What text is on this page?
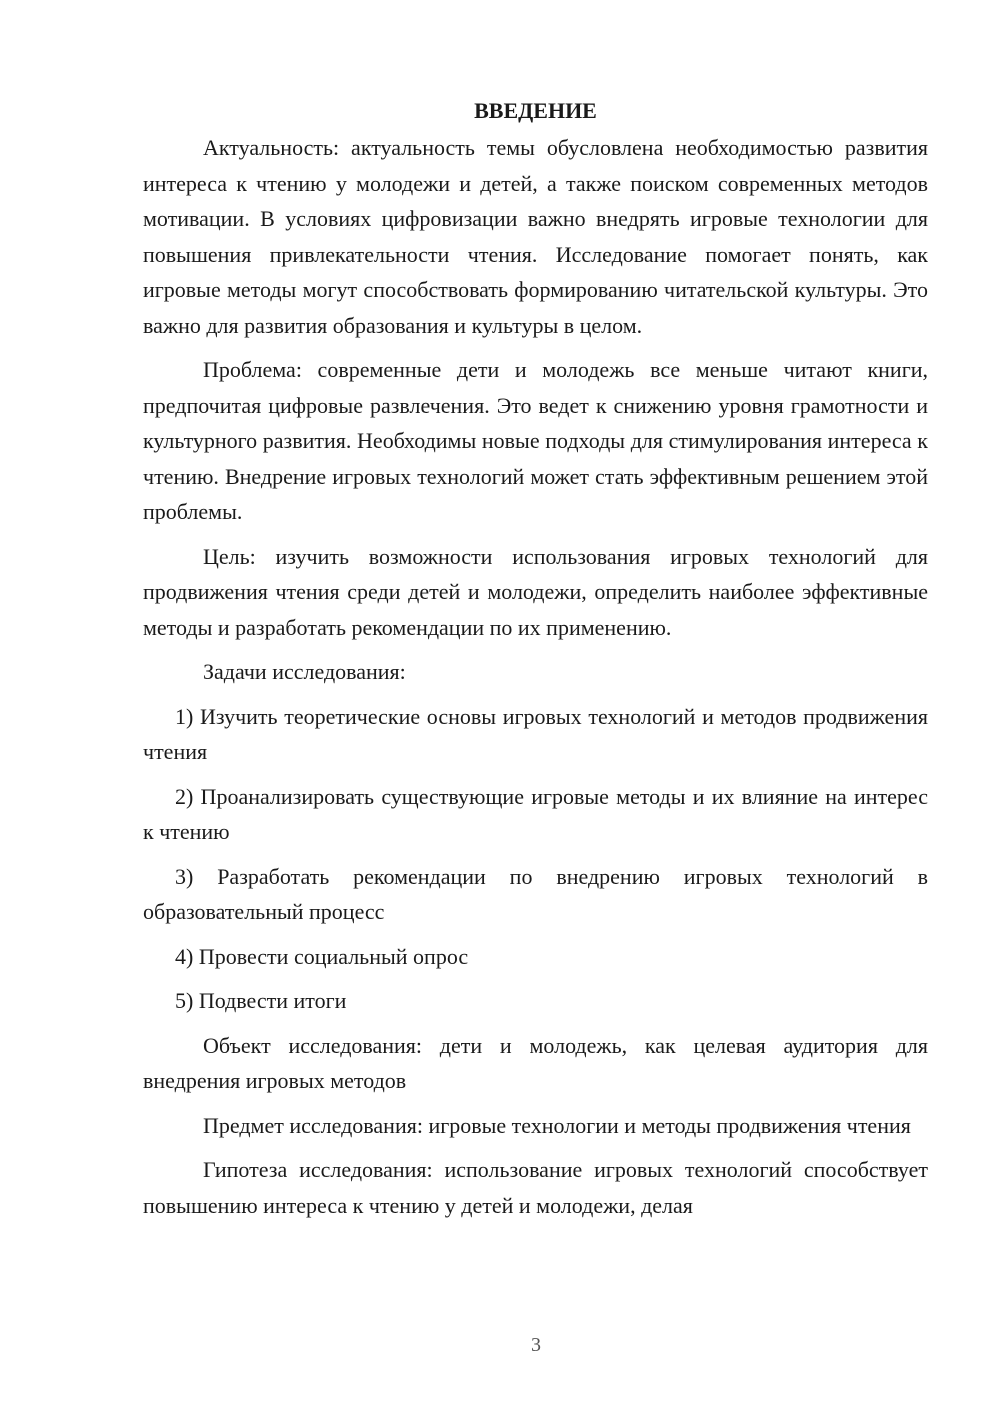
ВВЕДЕНИЕ

Актуальность: актуальность темы обусловлена необходимостью развития интереса к чтению у молодежи и детей, а также поиском современных методов мотивации. В условиях цифровизации важно внедрять игровые технологии для повышения привлекательности чтения. Исследование помогает понять, как игровые методы могут способствовать формированию читательской культуры. Это важно для развития образования и культуры в целом.

Проблема: современные дети и молодежь все меньше читают книги, предпочитая цифровые развлечения. Это ведет к снижению уровня грамотности и культурного развития. Необходимы новые подходы для стимулирования интереса к чтению. Внедрение игровых технологий может стать эффективным решением этой проблемы.

Цель: изучить возможности использования игровых технологий для продвижения чтения среди детей и молодежи, определить наиболее эффективные методы и разработать рекомендации по их применению.

Задачи исследования:

1) Изучить теоретические основы игровых технологий и методов продвижения чтения

2) Проанализировать существующие игровые методы и их влияние на интерес к чтению

3) Разработать рекомендации по внедрению игровых технологий в образовательный процесс

4) Провести социальный опрос

5) Подвести итоги

Объект исследования: дети и молодежь, как целевая аудитория для внедрения игровых методов

Предмет исследования: игровые технологии и методы продвижения чтения

Гипотеза исследования: использование игровых технологий способствует повышению интереса к чтению у детей и молодежи, делая

3
